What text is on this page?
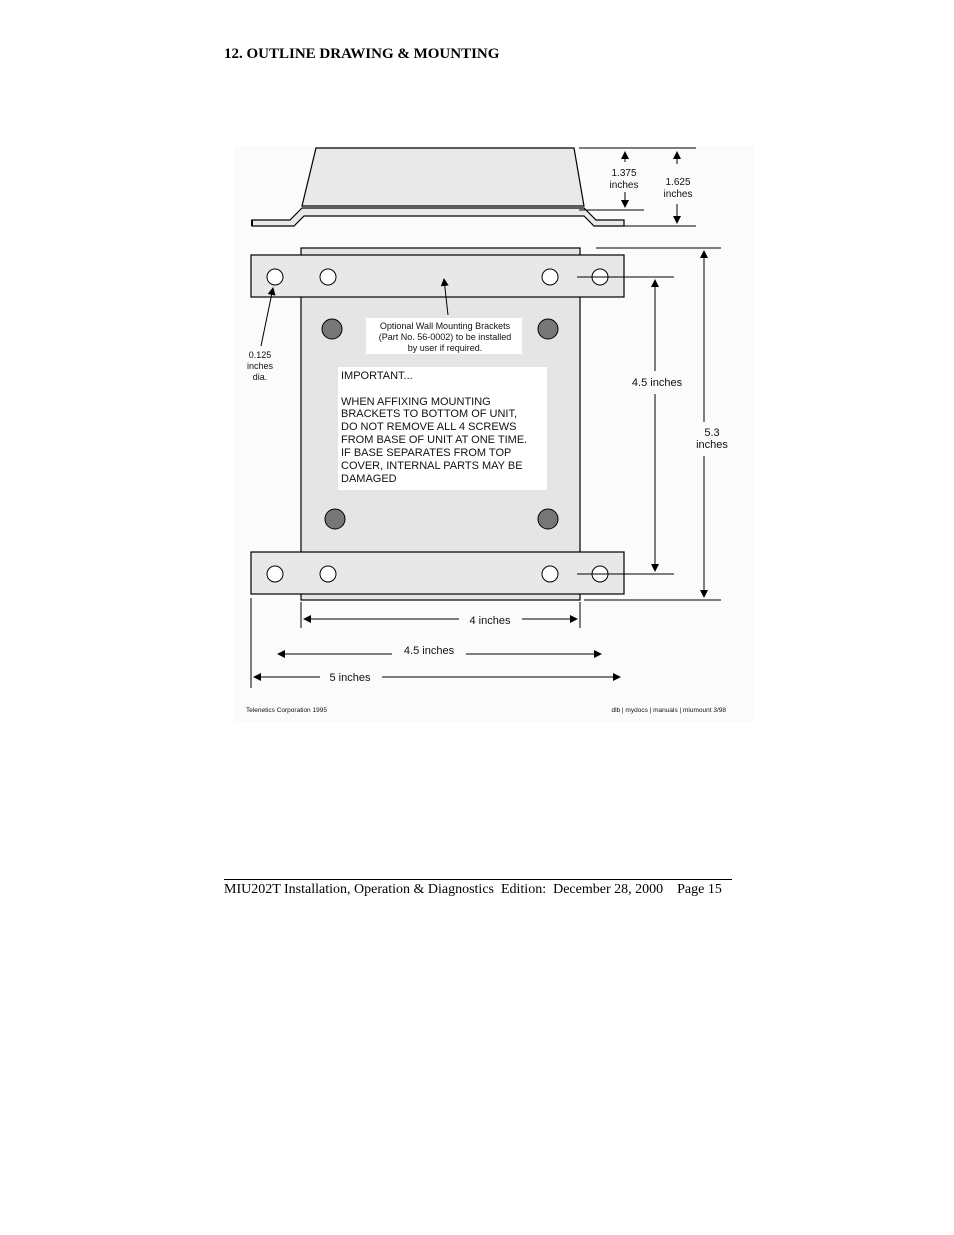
12. OUTLINE DRAWING & MOUNTING
1.375
inches	1.625
inches
Optional Wall Mounting Brackets
(Part No. 56-0002) to be installed
by user if required.
IMPORTANT...
WHEN AFFIXING MOUNTING
BRACKETS TO BOTTOM OF UNIT,
DO NOT REMOVE ALL 4 SCREWS
FROM BASE OF UNIT AT ONE TIME.
IF BASE SEPARATES FROM TOP
COVER, INTERNAL PARTS MAY BE
DAMAGED
0.125
inches
dia.	4.5 inches
5.3
inches
4 inches
4.5 inches
5 inches
Telenetics Corporation 1995	dlb | mydocs | manuals | miumount 3/98
MIU202T Installation, Operation & Diagnostics  Edition:  December 28, 2000    Page 15
